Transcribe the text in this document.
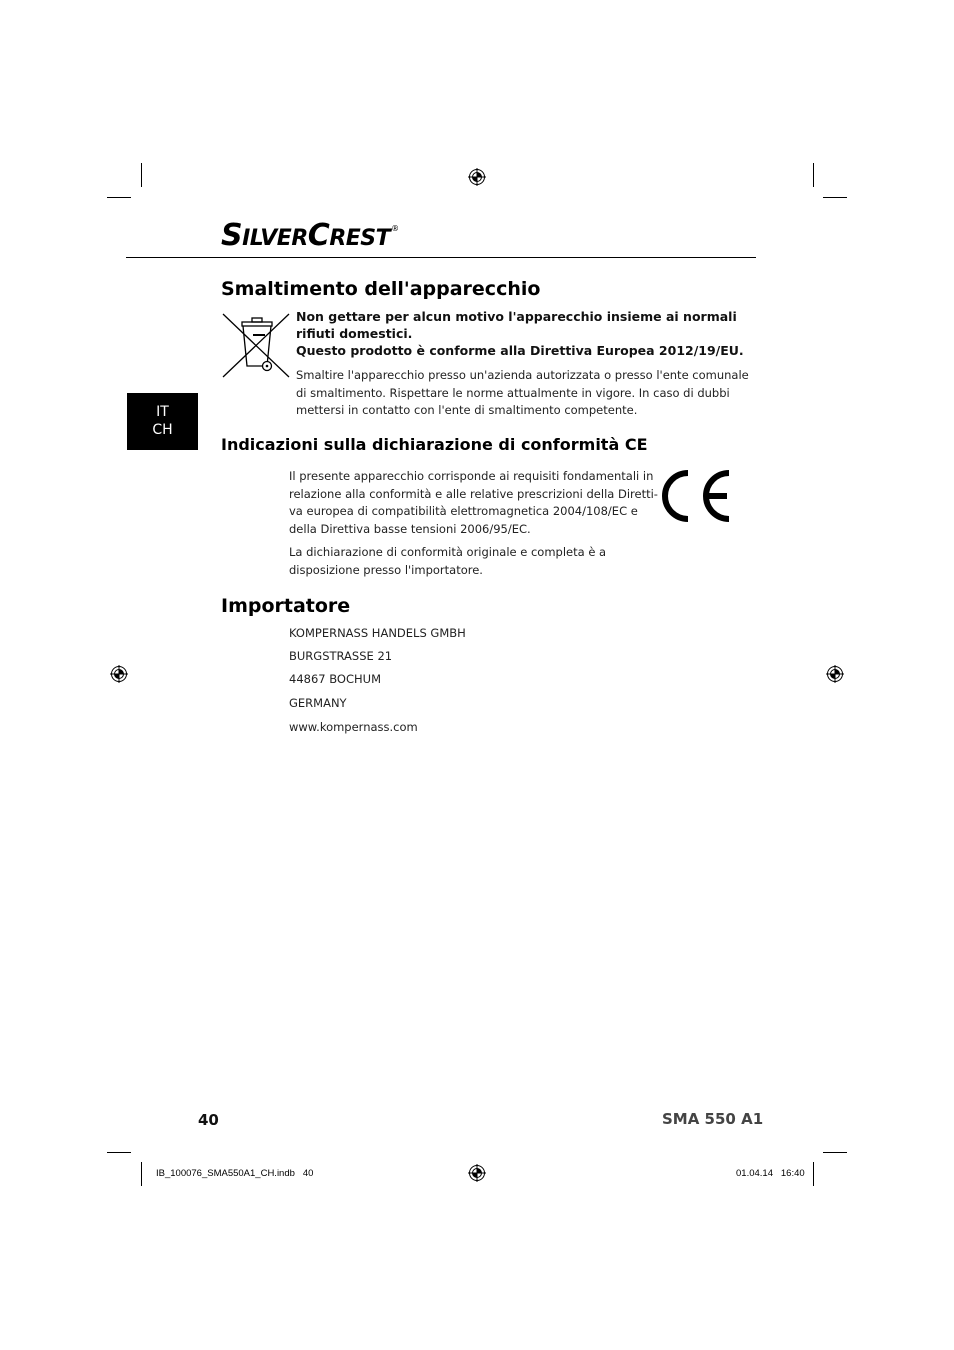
SILVERCREST®
Smaltimento dell'apparecchio
Non gettare per alcun motivo l'apparecchio insieme ai normali
rifiuti domestici.
Questo prodotto è conforme alla Direttiva Europea 2012/19/EU.
Smaltire l'apparecchio presso un'azienda autorizzata o presso l'ente comunale
di smaltimento. Rispettare le norme attualmente in vigore. In caso di dubbi
mettersi in contatto con l'ente di smaltimento competente.
IT
CH
Indicazioni sulla dichiarazione di conformità CE
Il presente apparecchio corrisponde ai requisiti fondamentali in
relazione alla conformità e alle relative prescrizioni della Diretti-
va europea di compatibilità elettromagnetica 2004/108/EC e
della Direttiva basse tensioni 2006/95/EC.
La dichiarazione di conformità originale e completa è a
disposizione presso l'importatore.
Importatore
KOMPERNASS HANDELS GMBH
BURGSTRASSE 21
44867 BOCHUM
GERMANY
www.kompernass.com
40	SMA 550 A1
IB_100076_SMA550A1_CH.indb   40	01.04.14   16:40
